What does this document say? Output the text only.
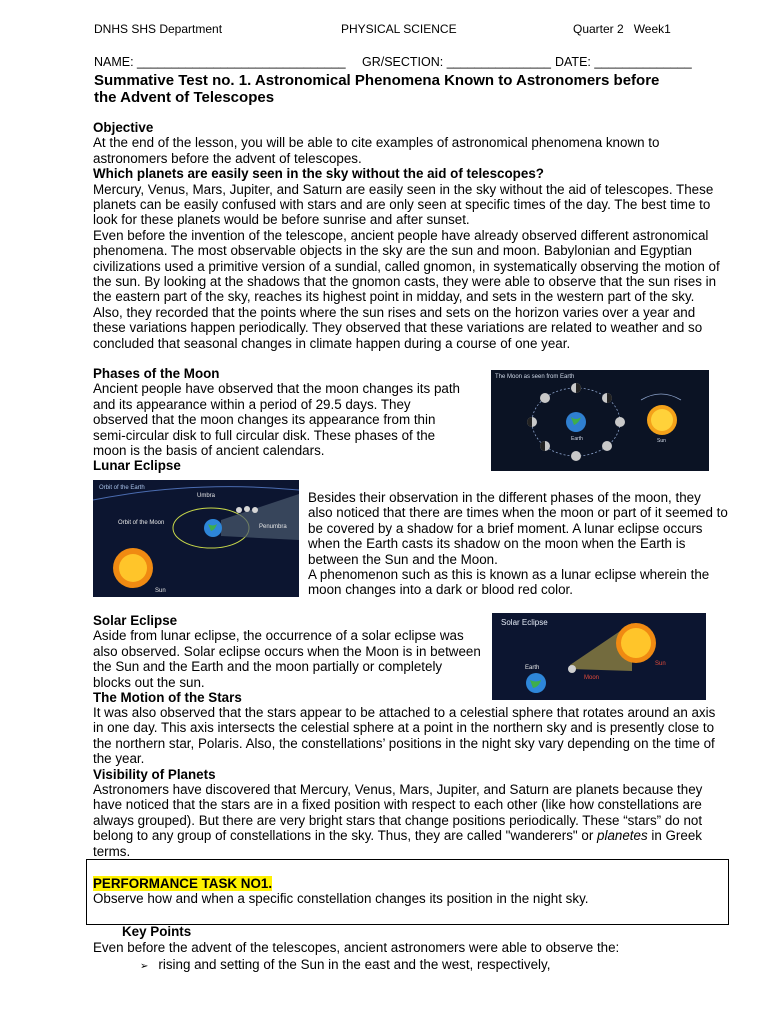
DNHS SHS Department	PHYSICAL SCIENCE	Quarter 2   Week1
NAME: ______________________________ GR/SECTION: _______________ DATE: ______________
Summative Test no. 1. Astronomical Phenomena Known to Astronomers before
the Advent of Telescopes

Objective

At the end of the lesson, you will be able to cite examples of astronomical phenomena known to astronomers before the advent of telescopes.

Which planets are easily seen in the sky without the aid of telescopes?

Mercury, Venus, Mars, Jupiter, and Saturn are easily seen in the sky without the aid of telescopes. These planets can be easily confused with stars and are only seen at specific times of the day. The best time to look for these planets would be before sunrise and after sunset.

Even before the invention of the telescope, ancient people have already observed different astronomical phenomena. The most observable objects in the sky are the sun and moon. Babylonian and Egyptian civilizations used a primitive version of a sundial, called gnomon, in systematically observing the motion of the sun. By looking at the shadows that the gnomon casts, they were able to observe that the sun rises in the eastern part of the sky, reaches its highest point in midday, and sets in the western part of the sky.

Also, they recorded that the points where the sun rises and sets on the horizon varies over a year and these variations happen periodically. They observed that these variations are related to weather and so concluded that seasonal changes in climate happen during a course of one year.

Phases of the Moon

Ancient people have observed that the moon changes its path and its appearance within a period of 29.5 days. They observed that the moon changes its appearance from thin semi-circular disk to full circular disk. These phases of the moon is the basis of ancient calendars.

Lunar Eclipse

The Moon as seen from Earth
Earth	Sun
Orbit of the Earth
Umbra
Orbit of the Moon
Penumbra
Sun

Besides their observation in the different phases of the moon, they also noticed that there are times when the moon or part of it seemed to be covered by a shadow for a brief moment. A lunar eclipse occurs when the Earth casts its shadow on the moon when the Earth is between the Sun and the Moon.

A phenomenon such as this is known as a lunar eclipse wherein the moon changes into a dark or blood red color.

Solar Eclipse

Aside from lunar eclipse, the occurrence of a solar eclipse was also observed. Solar eclipse occurs when the Moon is in between the Sun and the Earth and the moon partially or completely blocks out the sun.

The Motion of the Stars

Solar Eclipse
Sun
Moon
Earth

It was also observed that the stars appear to be attached to a celestial sphere that rotates around an axis in one day. This axis intersects the celestial sphere at a point in the northern sky and is presently close to the northern star, Polaris. Also, the constellations’ positions in the night sky vary depending on the time of the year.

Visibility of Planets

Astronomers have discovered that Mercury, Venus, Mars, Jupiter, and Saturn are planets because they have noticed that the stars are in a fixed position with respect to each other (like how constellations are always grouped). But there are very bright stars that change positions periodically. These “stars” do not belong to any group of constellations in the sky. Thus, they are called "wanderers" or planetes in Greek terms.

PERFORMANCE TASK NO1.

Observe how and when a specific constellation changes its position in the night sky.

Key Points

Even before the advent of the telescopes, ancient astronomers were able to observe the:

➢ rising and setting of the Sun in the east and the west, respectively,
